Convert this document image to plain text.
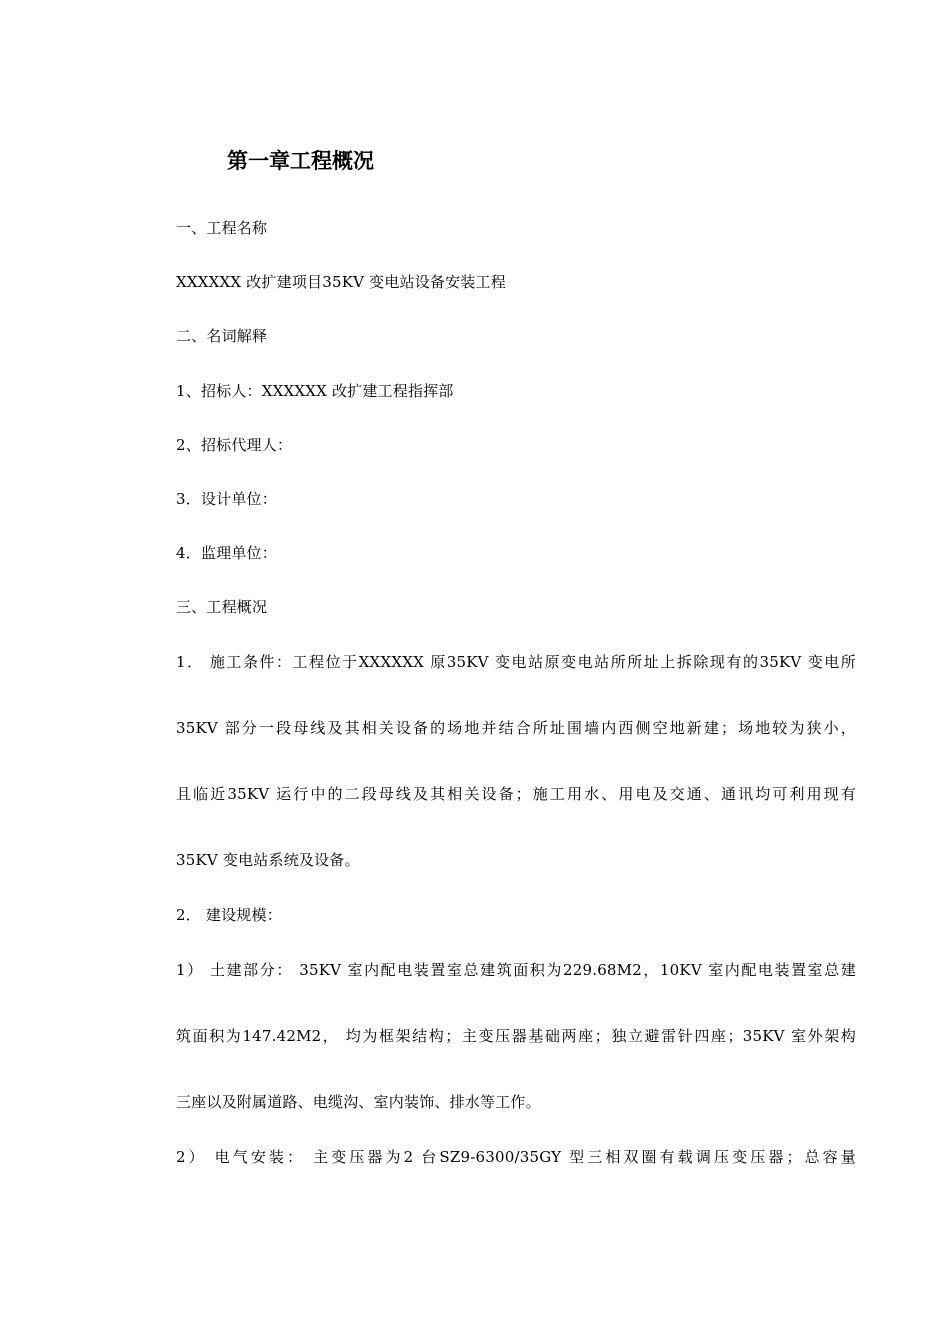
第一章工程概况
一、工程名称
XXXXXX 改扩建项目35KV 变电站设备安装工程
二、名词解释
1、招标人：XXXXXX 改扩建工程指挥部
2、招标代理人：
3．设计单位：
4．监理单位：
三、工程概况
1． 施工条件：工程位于XXXXXX 原35KV 变电站原变电站所所址上拆除现有的35KV 变电所
35KV 部分一段母线及其相关设备的场地并结合所址围墙内西侧空地新建；场地较为狭小，
且临近35KV 运行中的二段母线及其相关设备；施工用水、用电及交通、通讯均可利用现有
35KV 变电站系统及设备。
2． 建设规模：
1） 土建部分： 35KV 室内配电装置室总建筑面积为229.68M2，10KV 室内配电装置室总建
筑面积为147.42M2， 均为框架结构；主变压器基础两座；独立避雷针四座；35KV 室外架构
三座以及附属道路、电缆沟、室内装饰、排水等工作。
2） 电气安装： 主变压器为2 台SZ9-6300/35GY 型三相双圈有载调压变压器；总容量
